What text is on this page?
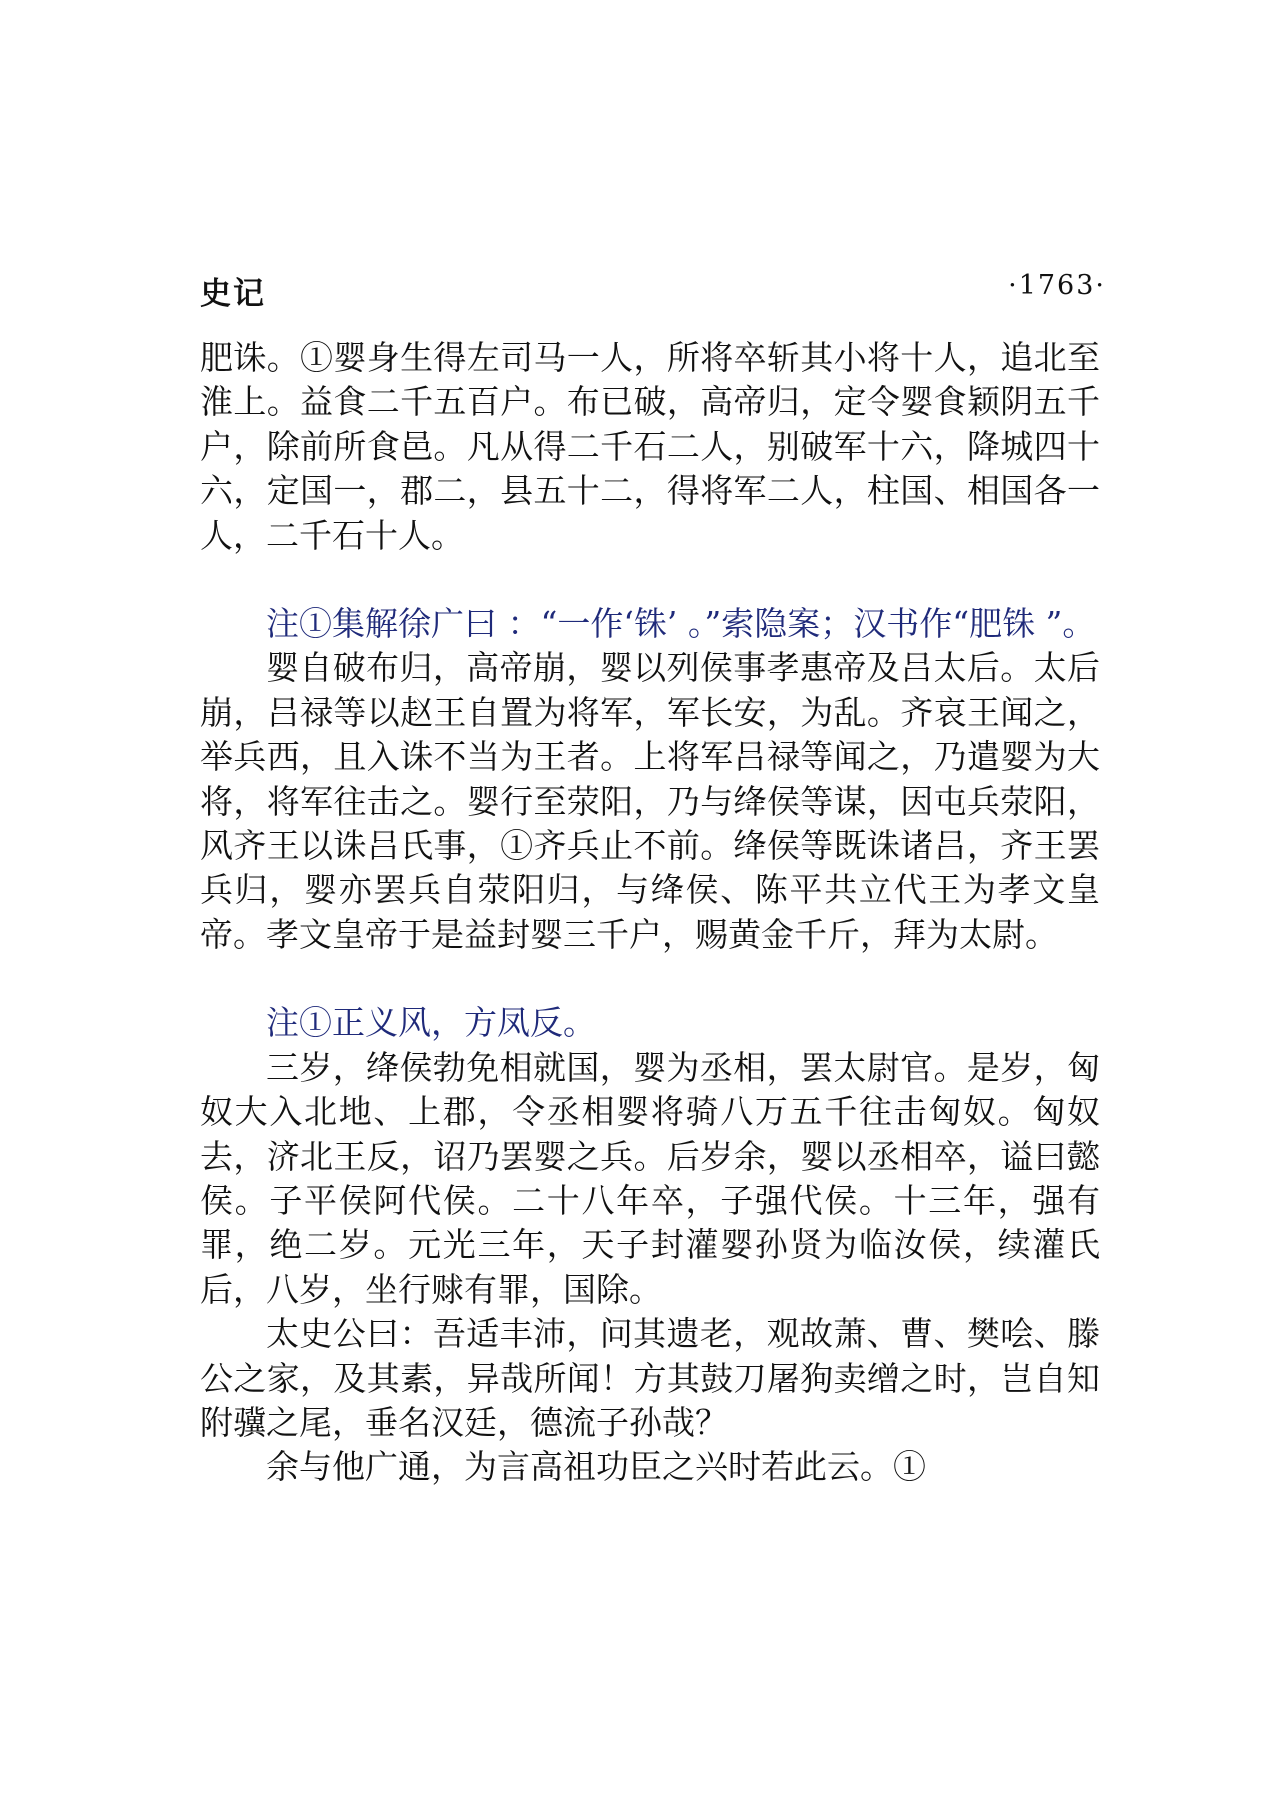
史记	·1763·

肥诛。①婴身生得左司马一人，所将卒斩其小将十人，追北至淮上。益食二千五百户。布已破，高帝归，定令婴食颖阴五千户，除前所食邑。凡从得二千石二人，别破军十六，降城四十六，定国一，郡二，县五十二，得将军二人，柱国、相国各一人，二千石十人。

注①集解徐广曰 ：“一作‘铢’ 。”索隐案；汉书作“肥铢 ”。

婴自破布归，高帝崩，婴以列侯事孝惠帝及吕太后。太后崩，吕禄等以赵王自置为将军，军长安，为乱。齐哀王闻之，举兵西，且入诛不当为王者。上将军吕禄等闻之，乃遣婴为大将，将军往击之。婴行至荥阳，乃与绛侯等谋，因屯兵荥阳，风齐王以诛吕氏事，①齐兵止不前。绛侯等既诛诸吕，齐王罢兵归，婴亦罢兵自荥阳归，与绛侯、陈平共立代王为孝文皇帝。孝文皇帝于是益封婴三千户，赐黄金千斤，拜为太尉。

注①正义风，方凤反。

三岁，绛侯勃免相就国，婴为丞相，罢太尉官。是岁，匈奴大入北地、上郡，令丞相婴将骑八万五千往击匈奴。匈奴去，济北王反，诏乃罢婴之兵。后岁余，婴以丞相卒，谥曰懿侯。子平侯阿代侯。二十八年卒，子强代侯。十三年，强有罪，绝二岁。元光三年，天子封灌婴孙贤为临汝侯，续灌氏后，八岁，坐行赇有罪，国除。

太史公曰：吾适丰沛，问其遗老，观故萧、曹、樊哙、滕公之家，及其素，异哉所闻！方其鼓刀屠狗卖缯之时，岂自知附骥之尾，垂名汉廷，德流子孙哉？

余与他广通，为言高祖功臣之兴时若此云。①
